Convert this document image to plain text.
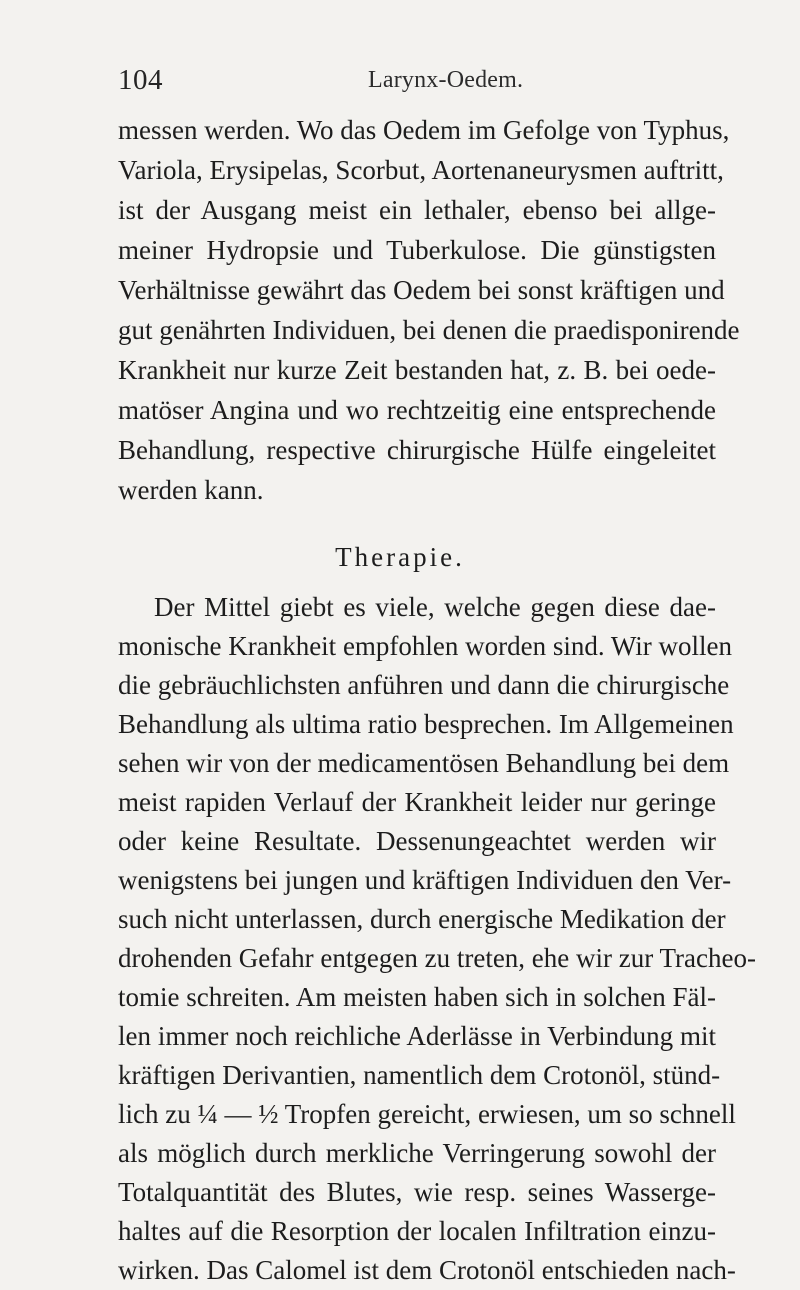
104	Larynx-Oedem.
messen werden. Wo das Oedem im Gefolge von Typhus,
Variola, Erysipelas, Scorbut, Aortenaneurysmen auftritt,
ist der Ausgang meist ein lethaler, ebenso bei allge-
meiner Hydropsie und Tuberkulose. Die günstigsten
Verhältnisse gewährt das Oedem bei sonst kräftigen und
gut genährten Individuen, bei denen die praedisponirende
Krankheit nur kurze Zeit bestanden hat, z. B. bei oede-
matöser Angina und wo rechtzeitig eine entsprechende
Behandlung, respective chirurgische Hülfe eingeleitet
werden kann.
Therapie.
Der Mittel giebt es viele, welche gegen diese dae-
monische Krankheit empfohlen worden sind. Wir wollen
die gebräuchlichsten anführen und dann die chirurgische
Behandlung als ultima ratio besprechen. Im Allgemeinen
sehen wir von der medicamentösen Behandlung bei dem
meist rapiden Verlauf der Krankheit leider nur geringe
oder keine Resultate. Dessenungeachtet werden wir
wenigstens bei jungen und kräftigen Individuen den Ver-
such nicht unterlassen, durch energische Medikation der
drohenden Gefahr entgegen zu treten, ehe wir zur Tracheo-
tomie schreiten. Am meisten haben sich in solchen Fäl-
len immer noch reichliche Aderlässe in Verbindung mit
kräftigen Derivantien, namentlich dem Crotonöl, stünd-
lich zu ¼ — ½ Tropfen gereicht, erwiesen, um so schnell
als möglich durch merkliche Verringerung sowohl der
Totalquantität des Blutes, wie resp. seines Wasserge-
haltes auf die Resorption der localen Infiltration einzu-
wirken. Das Calomel ist dem Crotonöl entschieden nach-
